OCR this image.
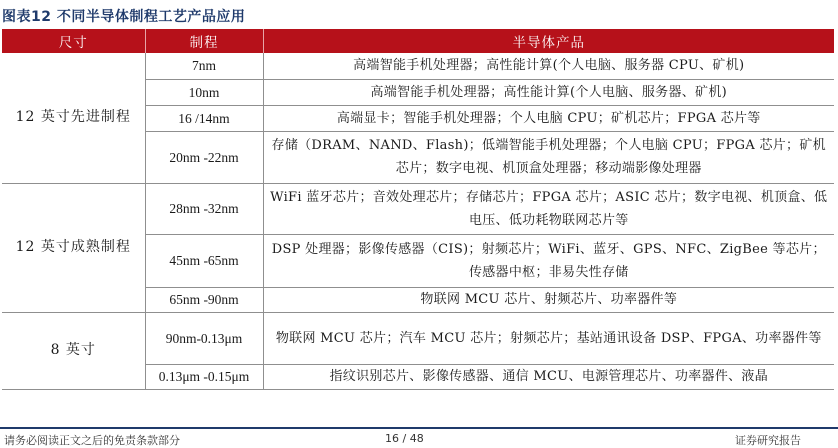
图表12 不同半导体制程工艺产品应用
尺寸	制程	半导体产品
12 英寸先进制程	7nm	高端智能手机处理器；高性能计算(个人电脑、服务器 CPU、矿机)
	10nm	高端智能手机处理器；高性能计算(个人电脑、服务器、矿机)
	16 /14nm	高端显卡；智能手机处理器；个人电脑 CPU；矿机芯片；FPGA 芯片等
	20nm -22nm	存储（DRAM、NAND、Flash)；低端智能手机处理器；个人电脑 CPU；FPGA 芯片；矿机芯片；数字电视、机顶盒处理器；移动端影像处理器
12 英寸成熟制程	28nm -32nm	WiFi 蓝牙芯片；音效处理芯片；存储芯片；FPGA 芯片；ASIC 芯片；数字电视、机顶盒、低电压、低功耗物联网芯片等
	45nm -65nm	DSP 处理器；影像传感器（CIS)；射频芯片；WiFi、蓝牙、GPS、NFC、ZigBee 等芯片；传感器中枢；非易失性存储
	65nm -90nm	物联网 MCU 芯片、射频芯片、功率器件等
8 英寸	90nm-0.13μm	物联网 MCU 芯片；汽车 MCU 芯片；射频芯片；基站通讯设备 DSP、FPGA、功率器件等
	0.13μm -0.15μm	指纹识别芯片、影像传感器、通信 MCU、电源管理芯片、功率器件、液晶
请务必阅读正文之后的免责条款部分	16 / 48	证券研究报告
